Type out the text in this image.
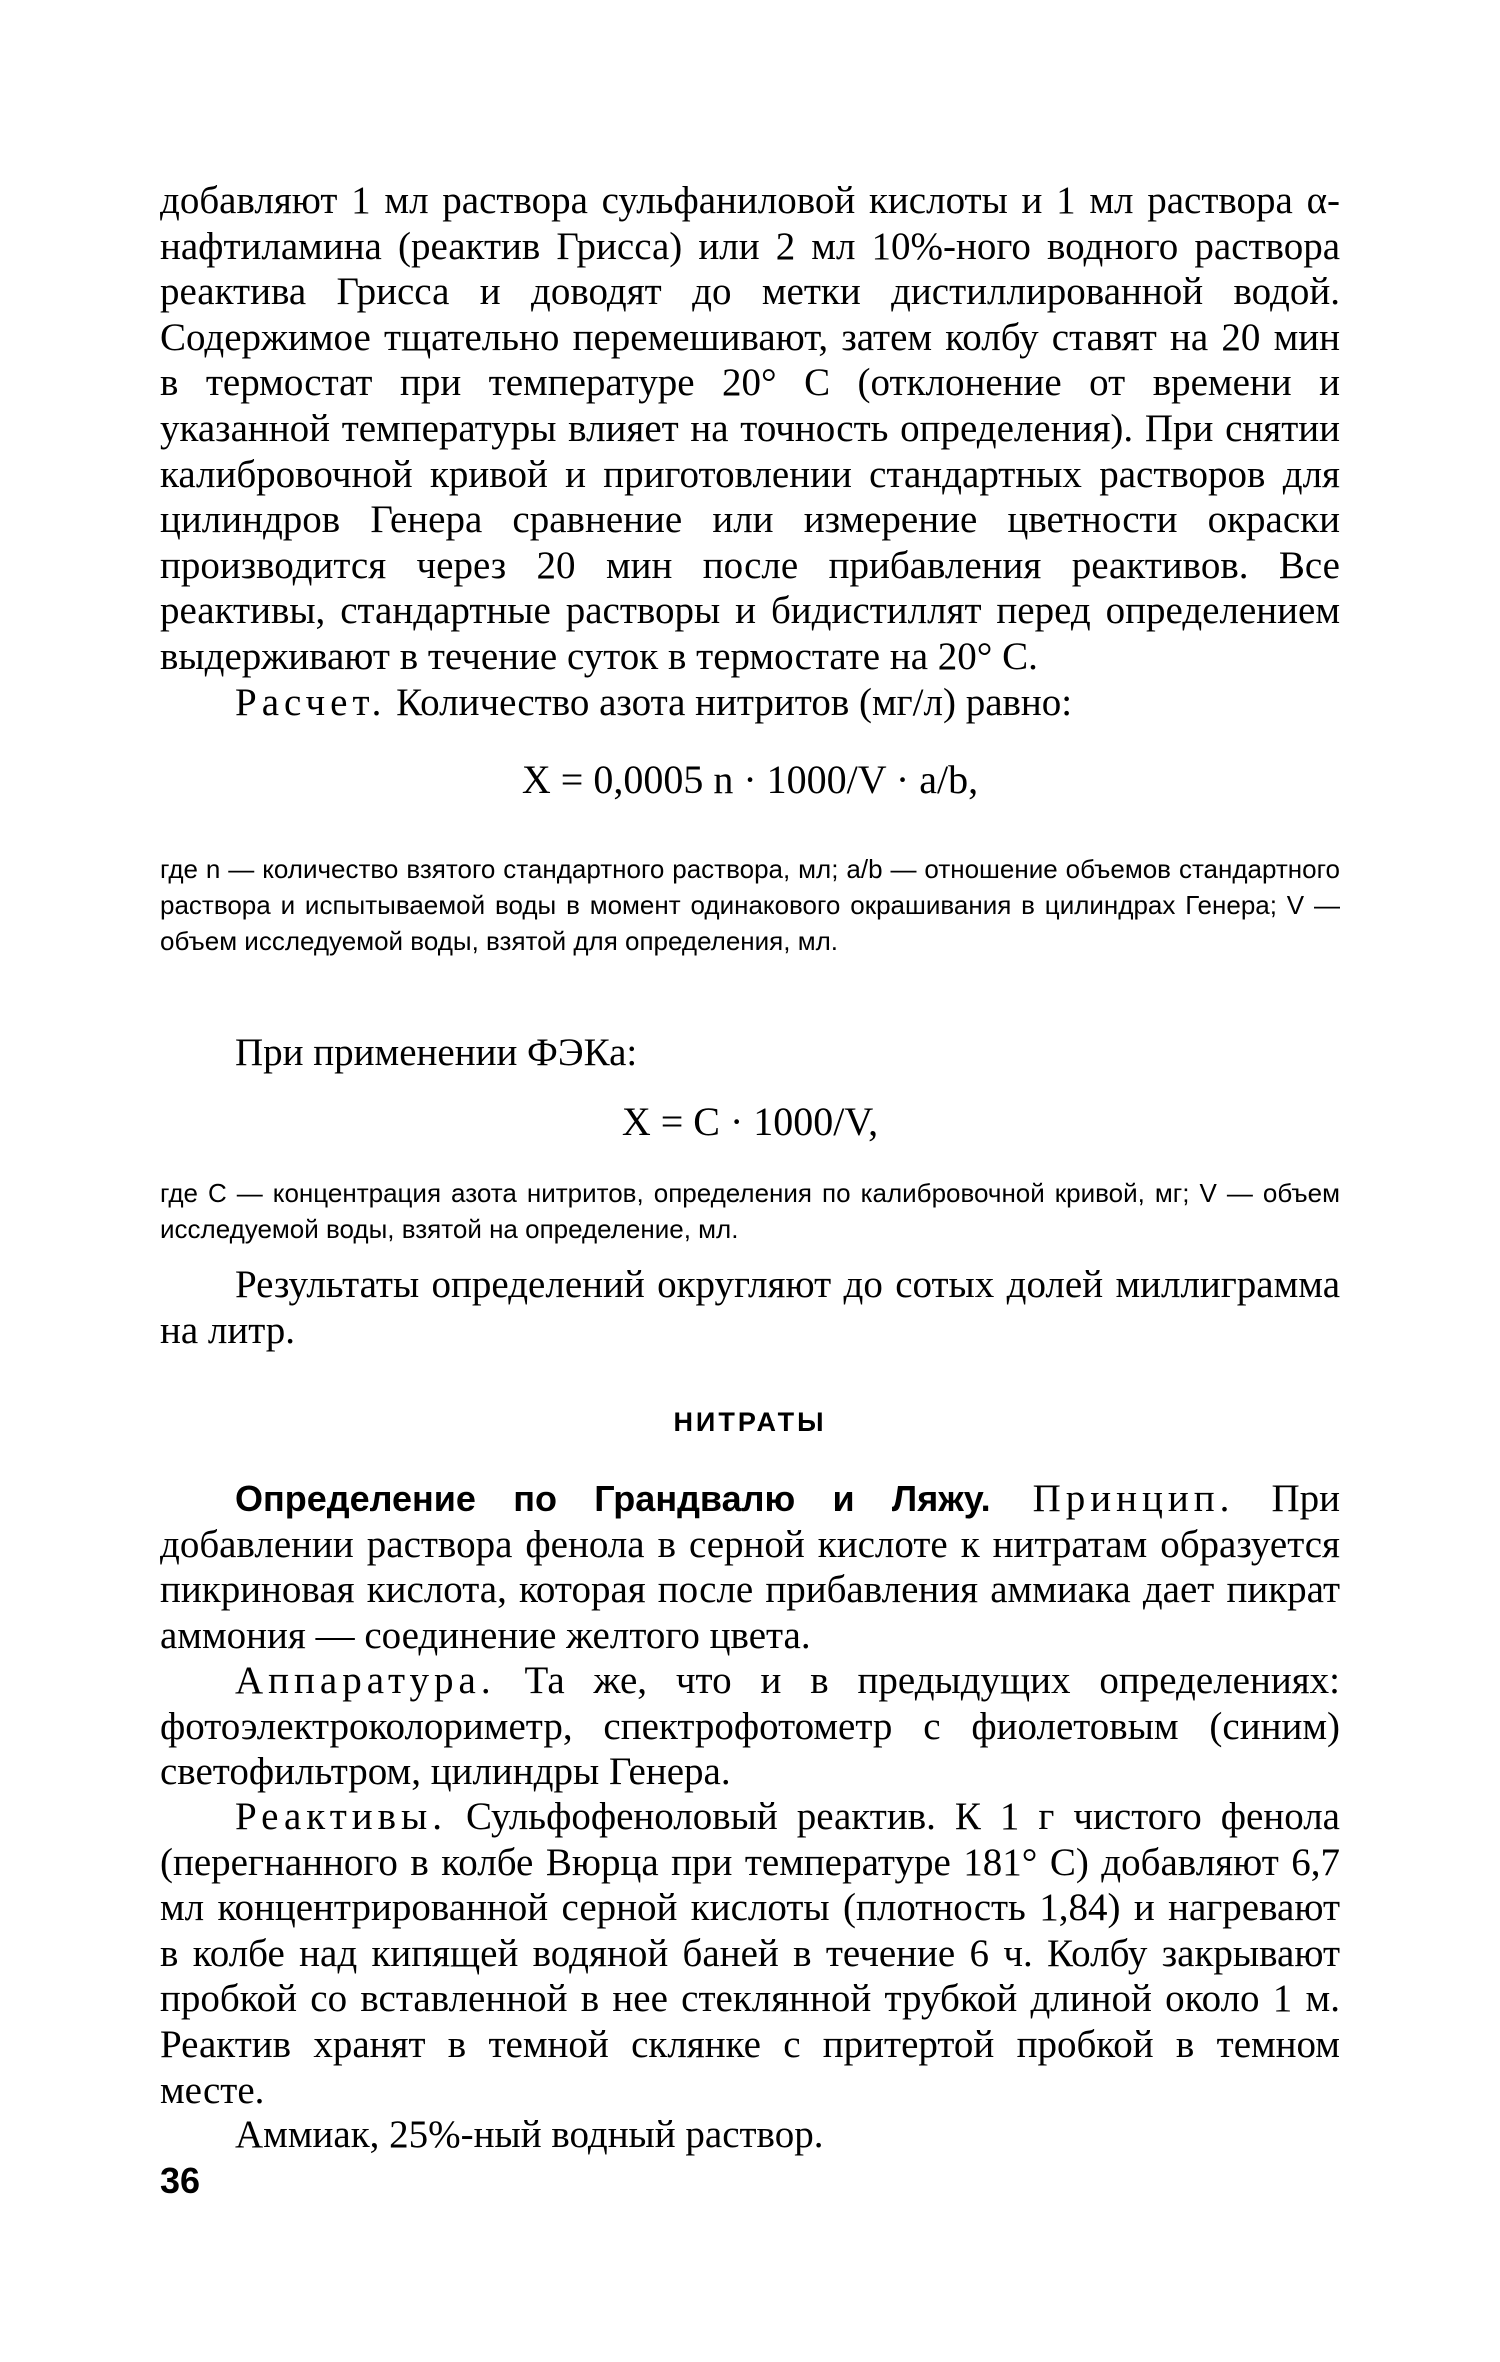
добавляют 1 мл раствора сульфаниловой кислоты и 1 мл раствора α-нафтиламина (реактив Грисса) или 2 мл 10%-ного водного раствора реактива Грисса и доводят до метки дистиллированной водой. Содержимое тщательно перемешивают, затем колбу ставят на 20 мин в термостат при температуре 20° С (отклонение от времени и указанной температуры влияет на точность определения). При снятии калибровочной кривой и приготовлении стандартных растворов для цилиндров Генера сравнение или измерение цветности окраски производится через 20 мин после прибавления реактивов. Все реактивы, стандартные растворы и бидистиллят перед определением выдерживают в течение суток в термостате на 20° С.

Расчет. Количество азота нитритов (мг/л) равно:

X = 0,0005 n · 1000/V · a/b,

где n — количество взятого стандартного раствора, мл; a/b — отношение объемов стандартного раствора и испытываемой воды в момент одинакового окрашивания в цилиндрах Генера; V — объем исследуемой воды, взятой для определения, мл.

При применении ФЭКа:

X = C · 1000/V,

где C — концентрация азота нитритов, определения по калибровочной кривой, мг; V — объем исследуемой воды, взятой на определение, мл.

Результаты определений округляют до сотых долей миллиграмма на литр.

НИТРАТЫ

Определение по Грандвалю и Ляжу. Принцип. При добавлении раствора фенола в серной кислоте к нитратам образуется пикриновая кислота, которая после прибавления аммиака дает пикрат аммония — соединение желтого цвета.

Аппаратура. Та же, что и в предыдущих определениях: фотоэлектроколориметр, спектрофотометр с фиолетовым (синим) светофильтром, цилиндры Генера.

Реактивы. Сульфофеноловый реактив. К 1 г чистого фенола (перегнанного в колбе Вюрца при температуре 181° С) добавляют 6,7 мл концентрированной серной кислоты (плотность 1,84) и нагревают в колбе над кипящей водяной баней в течение 6 ч. Колбу закрывают пробкой со вставленной в нее стеклянной трубкой длиной около 1 м. Реактив хранят в темной склянке с притертой пробкой в темном месте.

Аммиак, 25%-ный водный раствор.

36
